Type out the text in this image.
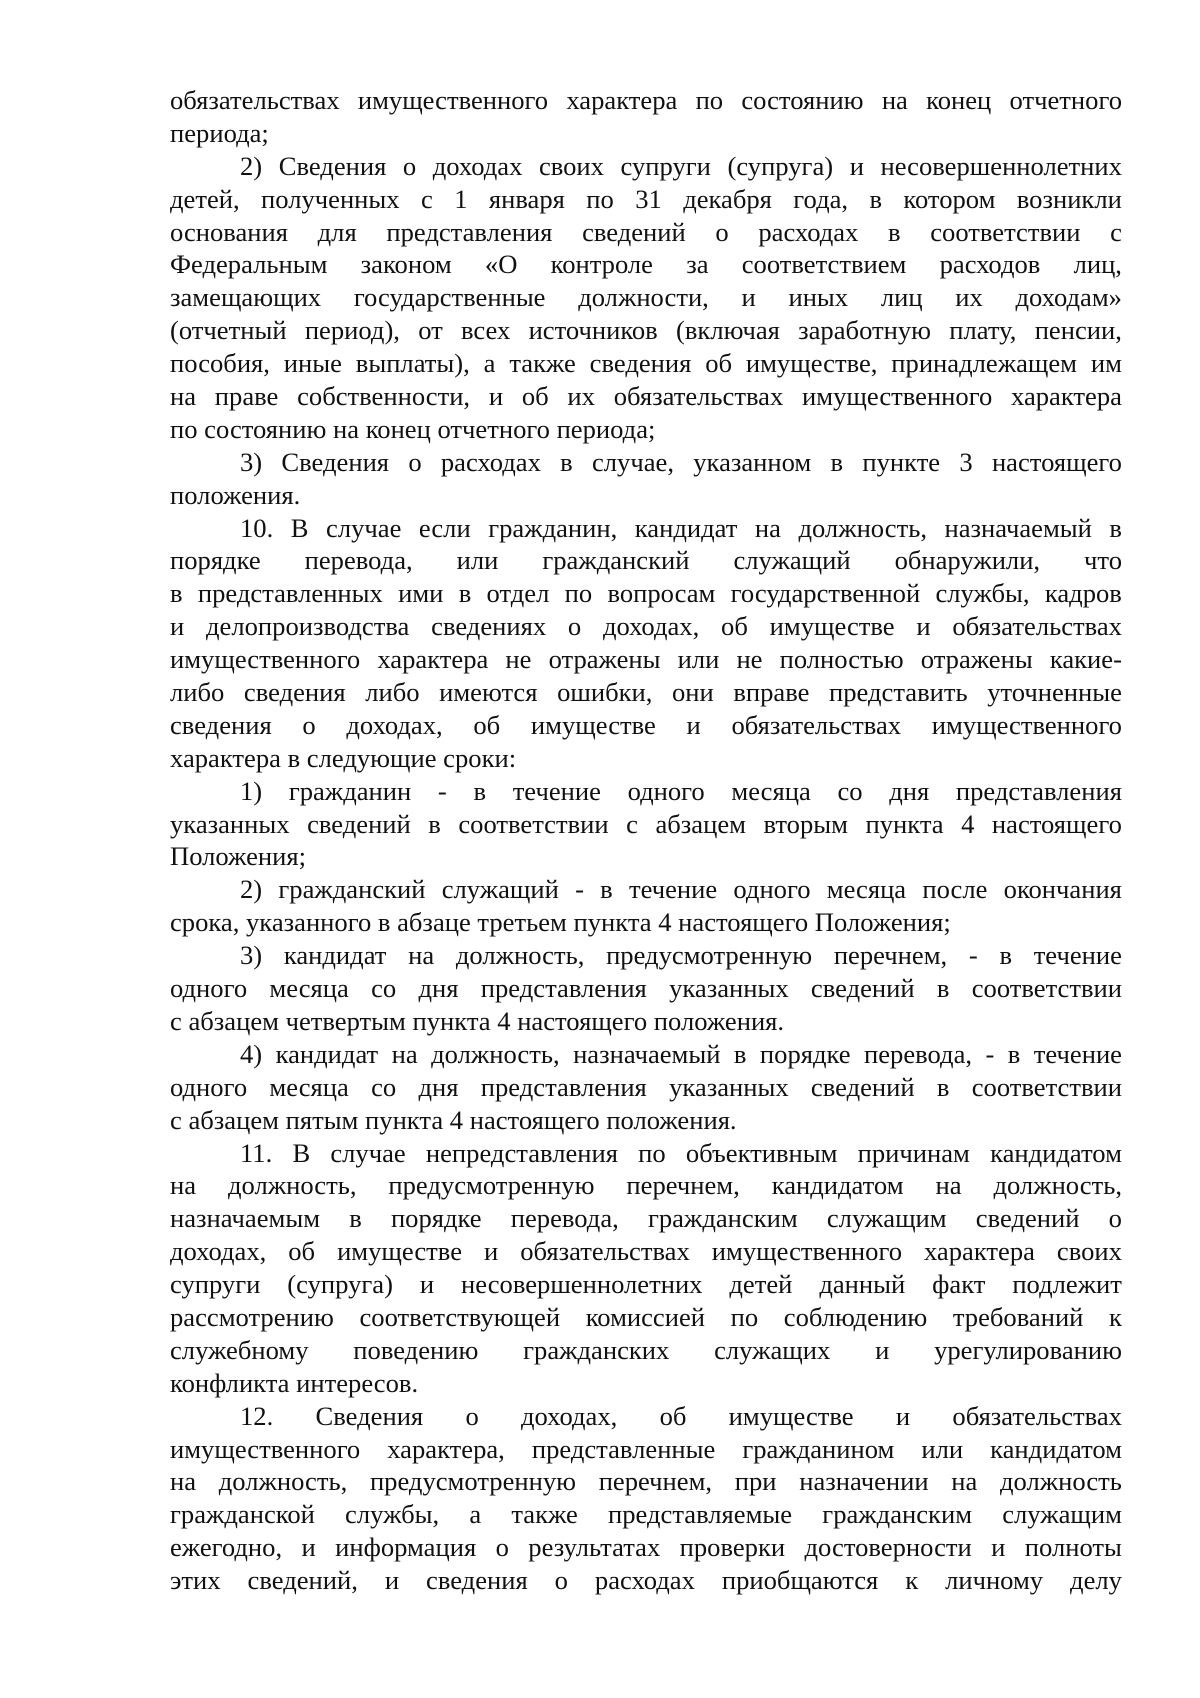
обязательствах имущественного характера по состоянию на конец отчетного
периода;
2) Сведения о доходах своих супруги (супруга) и несовершеннолетних
детей, полученных с 1 января по 31 декабря года, в котором возникли
основания для представления сведений о расходах в соответствии с
Федеральным законом «О контроле за соответствием расходов лиц,
замещающих государственные должности, и иных лиц их доходам»
(отчетный период), от всех источников (включая заработную плату, пенсии,
пособия, иные выплаты), а также сведения об имуществе, принадлежащем им
на праве собственности, и об их обязательствах имущественного характера
по состоянию на конец отчетного периода;
3) Сведения о расходах в случае, указанном в пункте 3 настоящего
положения.
10. В случае если гражданин, кандидат на должность, назначаемый в
порядке перевода, или гражданский служащий обнаружили, что
в представленных ими в отдел по вопросам государственной службы, кадров
и делопроизводства сведениях о доходах, об имуществе и обязательствах
имущественного характера не отражены или не полностью отражены какие-
либо сведения либо имеются ошибки, они вправе представить уточненные
сведения о доходах, об имуществе и обязательствах имущественного
характера в следующие сроки:
1) гражданин - в течение одного месяца со дня представления
указанных сведений в соответствии с абзацем вторым пункта 4 настоящего
Положения;
2) гражданский служащий - в течение одного месяца после окончания
срока, указанного в абзаце третьем пункта 4 настоящего Положения;
3) кандидат на должность, предусмотренную перечнем, - в течение
одного месяца со дня представления указанных сведений в соответствии
с абзацем четвертым пункта 4 настоящего положения.
4) кандидат на должность, назначаемый в порядке перевода, - в течение
одного месяца со дня представления указанных сведений в соответствии
с абзацем пятым пункта 4 настоящего положения.
11. В случае непредставления по объективным причинам кандидатом
на должность, предусмотренную перечнем, кандидатом на должность,
назначаемым в порядке перевода, гражданским служащим сведений о
доходах, об имуществе и обязательствах имущественного характера своих
супруги (супруга) и несовершеннолетних детей данный факт подлежит
рассмотрению соответствующей комиссией по соблюдению требований к
служебному поведению гражданских служащих и урегулированию
конфликта интересов.
12. Сведения о доходах, об имуществе и обязательствах
имущественного характера, представленные гражданином или кандидатом
на должность, предусмотренную перечнем, при назначении на должность
гражданской службы, а также представляемые гражданским служащим
ежегодно, и информация о результатах проверки достоверности и полноты
этих сведений, и сведения о расходах приобщаются к личному делу
